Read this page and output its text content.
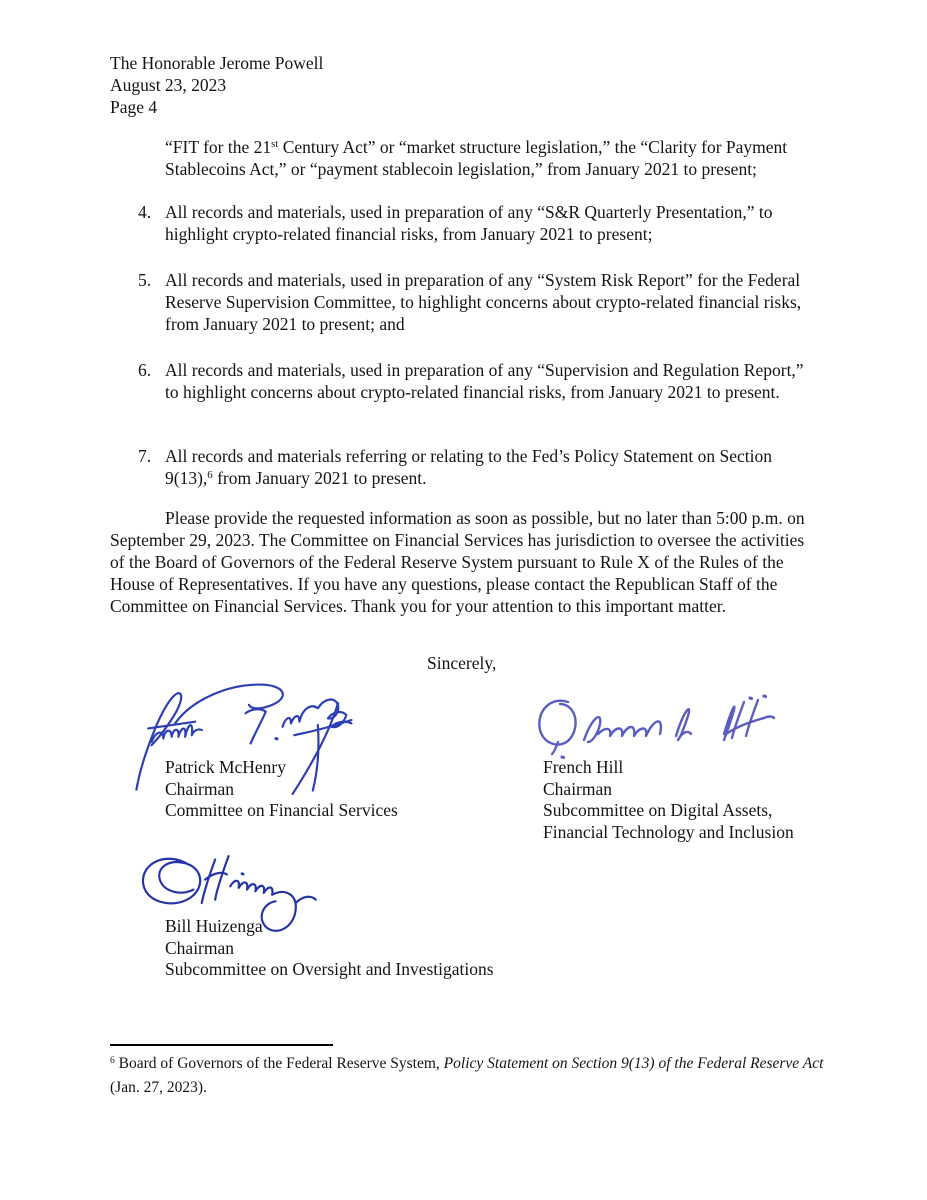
The Honorable Jerome Powell
August 23, 2023
Page 4

“FIT for the 21st Century Act” or “market structure legislation,” the “Clarity for Payment Stablecoins Act,” or “payment stablecoin legislation,” from January 2021 to present;

4. All records and materials, used in preparation of any “S&R Quarterly Presentation,” to highlight crypto-related financial risks, from January 2021 to present;
5. All records and materials, used in preparation of any “System Risk Report” for the Federal Reserve Supervision Committee, to highlight concerns about crypto-related financial risks, from January 2021 to present; and
6. All records and materials, used in preparation of any “Supervision and Regulation Report,” to highlight concerns about crypto-related financial risks, from January 2021 to present.
7. All records and materials referring or relating to the Fed’s Policy Statement on Section 9(13),$^6$ from January 2021 to present.

Please provide the requested information as soon as possible, but no later than 5:00 p.m. on September 29, 2023. The Committee on Financial Services has jurisdiction to oversee the activities of the Board of Governors of the Federal Reserve System pursuant to Rule X of the Rules of the House of Representatives. If you have any questions, please contact the Republican Staff of the Committee on Financial Services. Thank you for your attention to this important matter.

Sincerely,
Patrick McHenry
Chairman
Committee on Financial Services
French Hill
Chairman
Subcommittee on Digital Assets,
Financial Technology and Inclusion
Bill Huizenga
Chairman
Subcommittee on Oversight and Investigations

$^6$ Board of Governors of the Federal Reserve System, Policy Statement on Section 9(13) of the Federal Reserve Act (Jan. 27, 2023).
